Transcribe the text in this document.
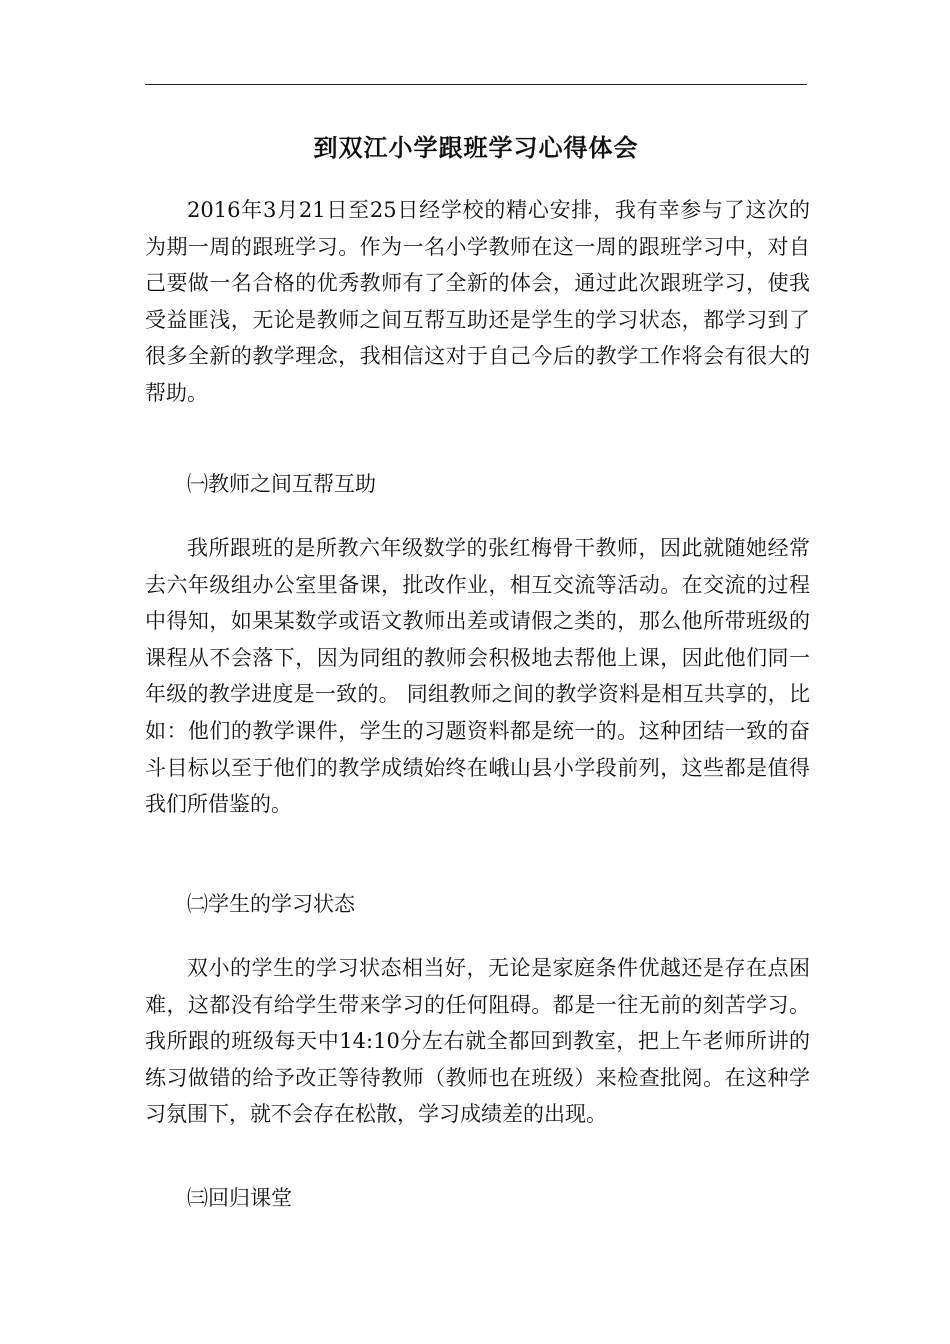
到双江小学跟班学习心得体会

2016年3月21日至25日经学校的精心安排，我有幸参与了这次的为期一周的跟班学习。作为一名小学教师在这一周的跟班学习中，对自己要做一名合格的优秀教师有了全新的体会，通过此次跟班学习，使我受益匪浅，无论是教师之间互帮互助还是学生的学习状态，都学习到了很多全新的教学理念，我相信这对于自己今后的教学工作将会有很大的帮助。

㈠教师之间互帮互助

我所跟班的是所教六年级数学的张红梅骨干教师，因此就随她经常去六年级组办公室里备课，批改作业，相互交流等活动。在交流的过程中得知，如果某数学或语文教师出差或请假之类的，那么他所带班级的课程从不会落下，因为同组的教师会积极地去帮他上课，因此他们同一年级的教学进度是一致的。 同组教师之间的教学资料是相互共享的，比如：他们的教学课件，学生的习题资料都是统一的。这种团结一致的奋斗目标以至于他们的教学成绩始终在峨山县小学段前列，这些都是值得我们所借鉴的。

㈡学生的学习状态

双小的学生的学习状态相当好，无论是家庭条件优越还是存在点困难，这都没有给学生带来学习的任何阻碍。都是一往无前的刻苦学习。我所跟的班级每天中14:10分左右就全都回到教室，把上午老师所讲的练习做错的给予改正等待教师（教师也在班级）来检查批阅。在这种学习氛围下，就不会存在松散，学习成绩差的出现。

㈢回归课堂
